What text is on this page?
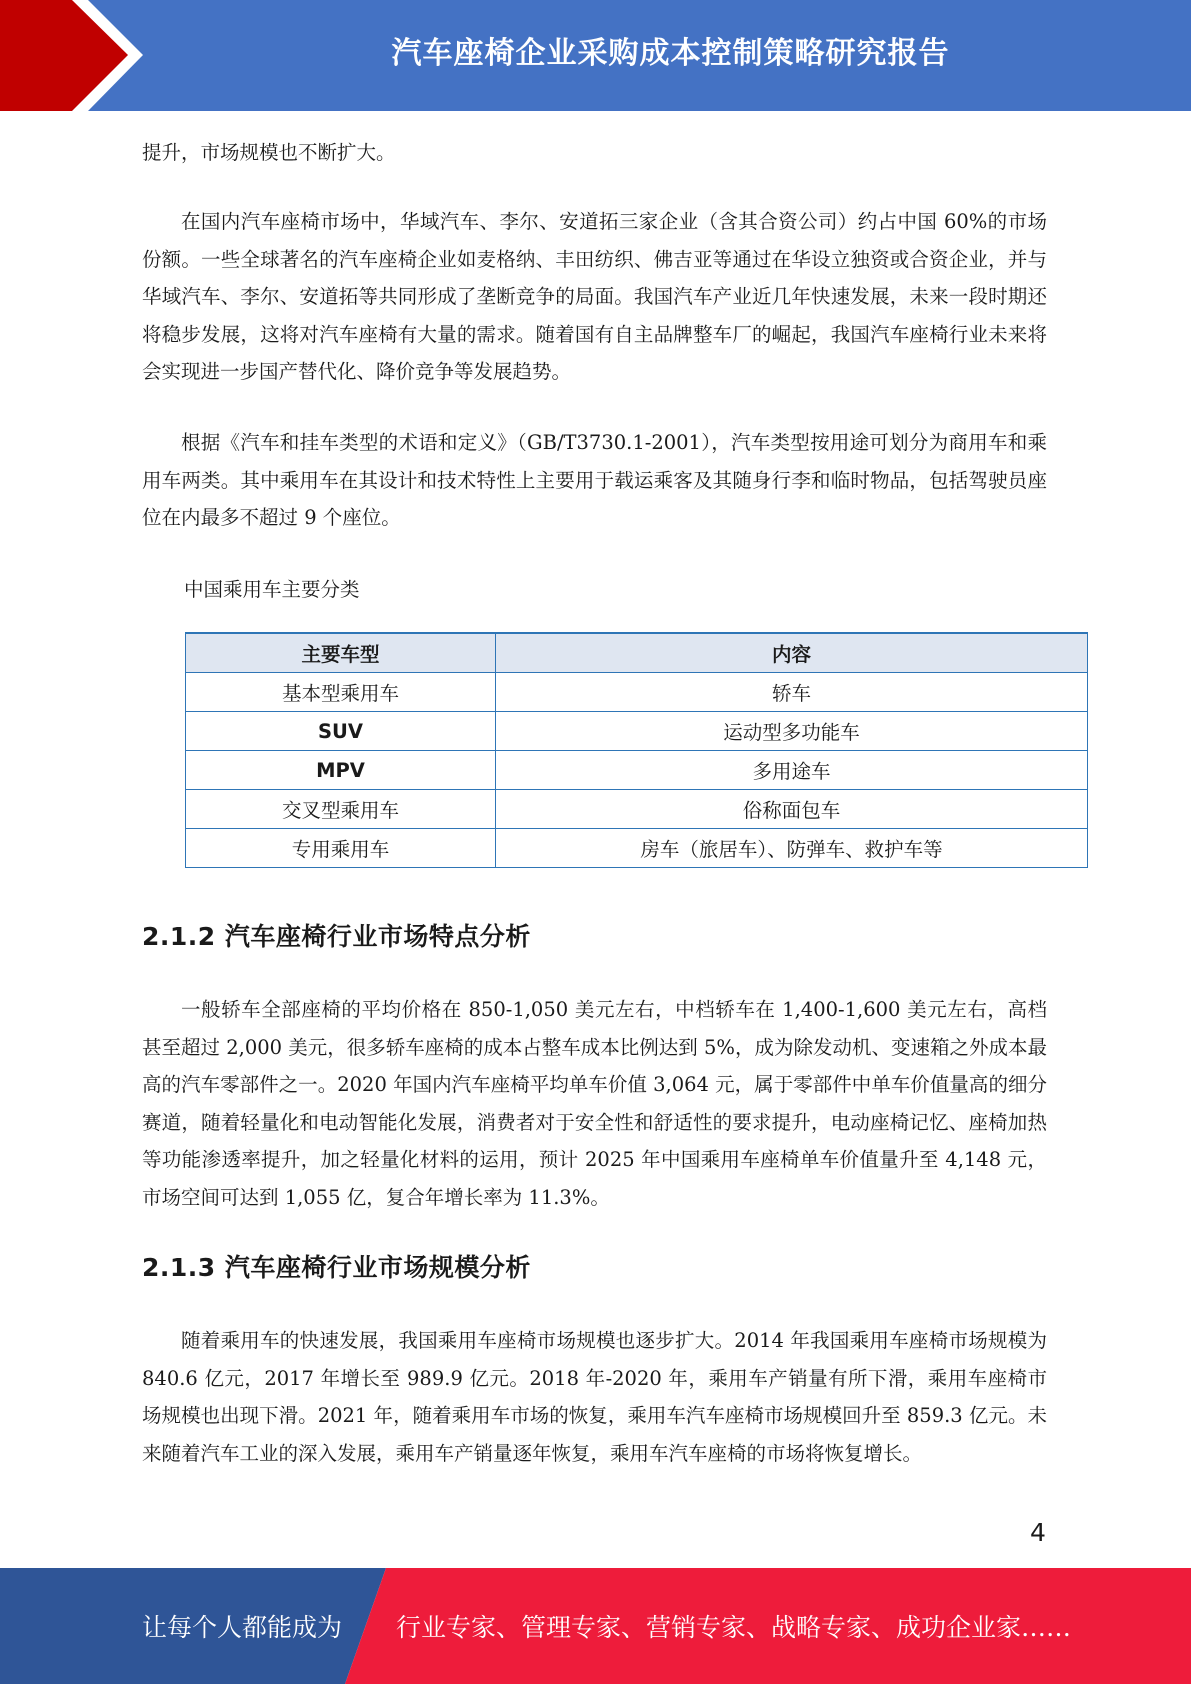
汽车座椅企业采购成本控制策略研究报告

提升，市场规模也不断扩大。

在国内汽车座椅市场中，华域汽车、李尔、安道拓三家企业（含其合资公司）约占中国 60%的市场份额。一些全球著名的汽车座椅企业如麦格纳、丰田纺织、佛吉亚等通过在华设立独资或合资企业，并与华域汽车、李尔、安道拓等共同形成了垄断竞争的局面。我国汽车产业近几年快速发展，未来一段时期还将稳步发展，这将对汽车座椅有大量的需求。随着国有自主品牌整车厂的崛起，我国汽车座椅行业未来将会实现进一步国产替代化、降价竞争等发展趋势。

根据《汽车和挂车类型的术语和定义》（GB/T3730.1-2001），汽车类型按用途可划分为商用车和乘用车两类。其中乘用车在其设计和技术特性上主要用于载运乘客及其随身行李和临时物品，包括驾驶员座位在内最多不超过 9 个座位。

中国乘用车主要分类
主要车型	内容
基本型乘用车	轿车
SUV	运动型多功能车
MPV	多用途车
交叉型乘用车	俗称面包车
专用乘用车	房车（旅居车）、防弹车、救护车等
2.1.2 汽车座椅行业市场特点分析

一般轿车全部座椅的平均价格在 850-1,050 美元左右，中档轿车在 1,400-1,600 美元左右，高档甚至超过 2,000 美元，很多轿车座椅的成本占整车成本比例达到 5%，成为除发动机、变速箱之外成本最高的汽车零部件之一。2020 年国内汽车座椅平均单车价值 3,064 元，属于零部件中单车价值量高的细分赛道，随着轻量化和电动智能化发展，消费者对于安全性和舒适性的要求提升，电动座椅记忆、座椅加热等功能渗透率提升，加之轻量化材料的运用，预计 2025 年中国乘用车座椅单车价值量升至 4,148 元，市场空间可达到 1,055 亿，复合年增长率为 11.3%。

2.1.3 汽车座椅行业市场规模分析

随着乘用车的快速发展，我国乘用车座椅市场规模也逐步扩大。2014 年我国乘用车座椅市场规模为 840.6 亿元，2017 年增长至 989.9 亿元。2018 年-2020 年，乘用车产销量有所下滑，乘用车座椅市场规模也出现下滑。2021 年，随着乘用车市场的恢复，乘用车汽车座椅市场规模回升至 859.3 亿元。未来随着汽车工业的深入发展，乘用车产销量逐年恢复，乘用车汽车座椅的市场将恢复增长。

4
让每个人都能成为 行业专家、管理专家、营销专家、战略专家、成功企业家……
